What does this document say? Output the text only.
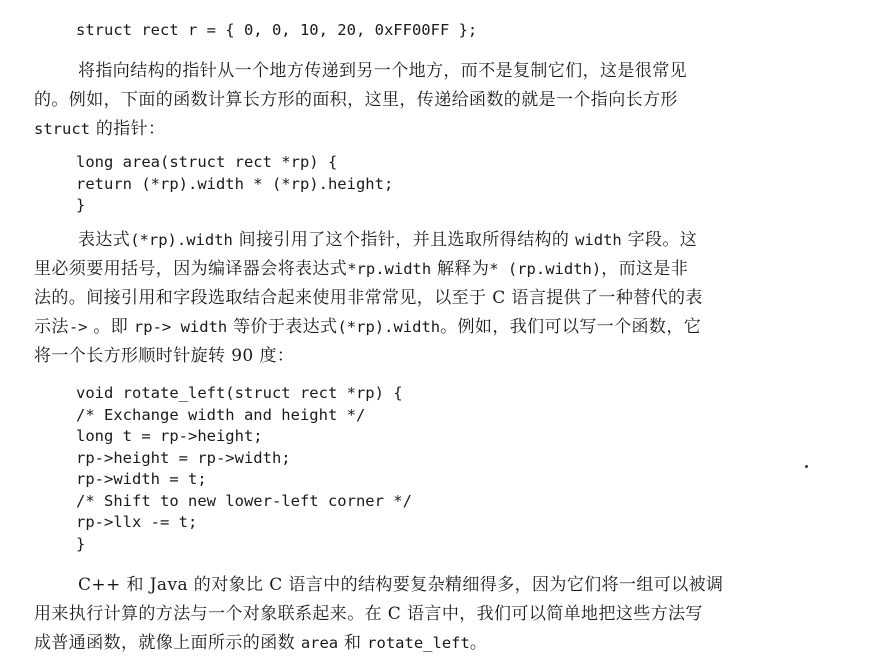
struct rect r = { 0, 0, 10, 20, 0xFF00FF };
将指向结构的指针从一个地方传递到另一个地方，而不是复制它们，这是很常见
的。例如，下面的函数计算长方形的面积，这里，传递给函数的就是一个指向长方形
struct 的指针：
long area(struct rect *rp) {
return (*rp).width * (*rp).height;
}
表达式(*rp).width 间接引用了这个指针，并且选取所得结构的 width 字段。这
里必须要用括号，因为编译器会将表达式*rp.width 解释为* (rp.width)，而这是非
法的。间接引用和字段选取结合起来使用非常常见，以至于 C 语言提供了一种替代的表
示法-> 。即 rp-> width 等价于表达式(*rp).width。例如，我们可以写一个函数，它
将一个长方形顺时针旋转 90 度：
void rotate_left(struct rect *rp) {
/* Exchange width and height */
long t = rp->height;
rp->height = rp->width;
rp->width = t;
/* Shift to new lower-left corner */
rp->llx -= t;
}
C++ 和 Java 的对象比 C 语言中的结构要复杂精细得多，因为它们将一组可以被调
用来执行计算的方法与一个对象联系起来。在 C 语言中，我们可以简单地把这些方法写
成普通函数，就像上面所示的函数 area 和 rotate_left。
